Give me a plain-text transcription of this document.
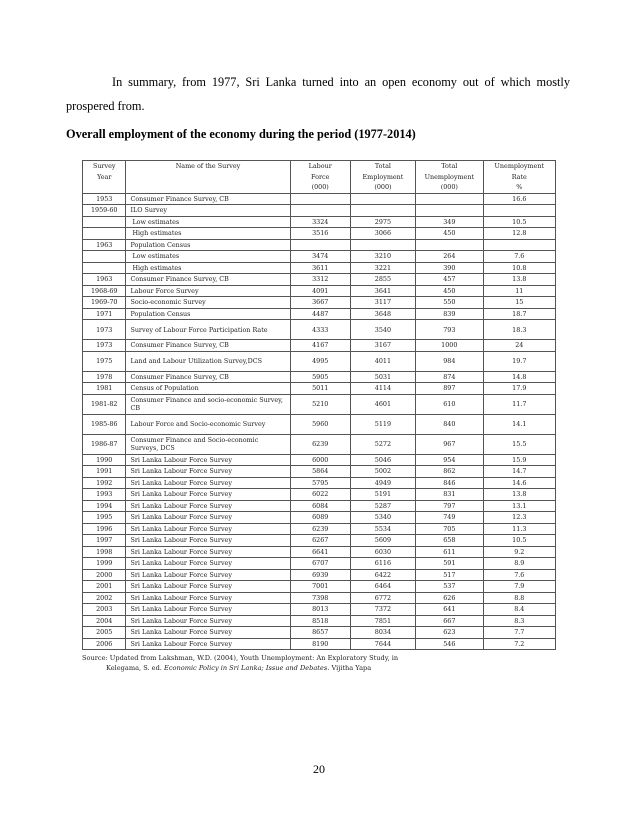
In summary, from 1977, Sri Lanka turned into an open economy out of which mostly
prospered from.
Overall employment of the economy during the period (1977-2014)
Survey	Name of the Survey	Labour	Total	Total	Unemployment
Year		Force	Employment	Unemployment	Rate
		(000)	(000)	(000)	%
1953	Consumer Finance Survey, CB				16.6
1959-60	ILO Survey				
	Low estimates	3324	2975	349	10.5
	High estimates	3516	3066	450	12.8
1963	Population Census				
	Low estimates	3474	3210	264	7.6
	High estimates	3611	3221	390	10.8
1963	Consumer Finance Survey, CB	3312	2855	457	13.8
1968-69	Labour Force Survey	4091	3641	450	11
1969-70	Socio-economic Survey	3667	3117	550	15
1971	Population Census	4487	3648	839	18.7
1973	Survey of Labour Force Participation Rate	4333	3540	793	18.3
1973	Consumer Finance Survey, CB	4167	3167	1000	24
1975	Land and Labour Utilization Survey,DCS	4995	4011	984	19.7
1978	Consumer Finance Survey, CB	5905	5031	874	14.8
1981	Census of Population	5011	4114	897	17.9
1981-82	Consumer Finance and socio-economic Survey, CB	5210	4601	610	11.7
1985-86	Labour Force and Socio-economic Survey	5960	5119	840	14.1
1986-87	Consumer Finance and Socio-economic Surveys, DCS	6239	5272	967	15.5
1990	Sri Lanka Labour Force Survey	6000	5046	954	15.9
1991	Sri Lanka Labour Force Survey	5864	5002	862	14.7
1992	Sri Lanka Labour Force Survey	5795	4949	846	14.6
1993	Sri Lanka Labour Force Survey	6022	5191	831	13.8
1994	Sri Lanka Labour Force Survey	6084	5287	797	13.1
1995	Sri Lanka Labour Force Survey	6089	5340	749	12.3
1996	Sri Lanka Labour Force Survey	6239	5534	705	11.3
1997	Sri Lanka Labour Force Survey	6267	5609	658	10.5
1998	Sri Lanka Labour Force Survey	6641	6030	611	9.2
1999	Sri Lanka Labour Force Survey	6707	6116	591	8.9
2000	Sri Lanka Labour Force Survey	6939	6422	517	7.6
2001	Sri Lanka Labour Force Survey	7001	6464	537	7.9
2002	Sri Lanka Labour Force Survey	7398	6772	626	8.8
2003	Sri Lanka Labour Force Survey	8013	7372	641	8.4
2004	Sri Lanka Labour Force Survey	8518	7851	667	8.3
2005	Sri Lanka Labour Force Survey	8657	8034	623	7.7
2006	Sri Lanka Labour Force Survey	8190	7644	546	7.2
Source: Updated from Lakshman, W.D. (2004), Youth Unemployment: An Exploratory Study, in
Kelegama, S. ed. Economic Policy in Sri Lanka; Issue and Debates. Vijitha Yapa
20
